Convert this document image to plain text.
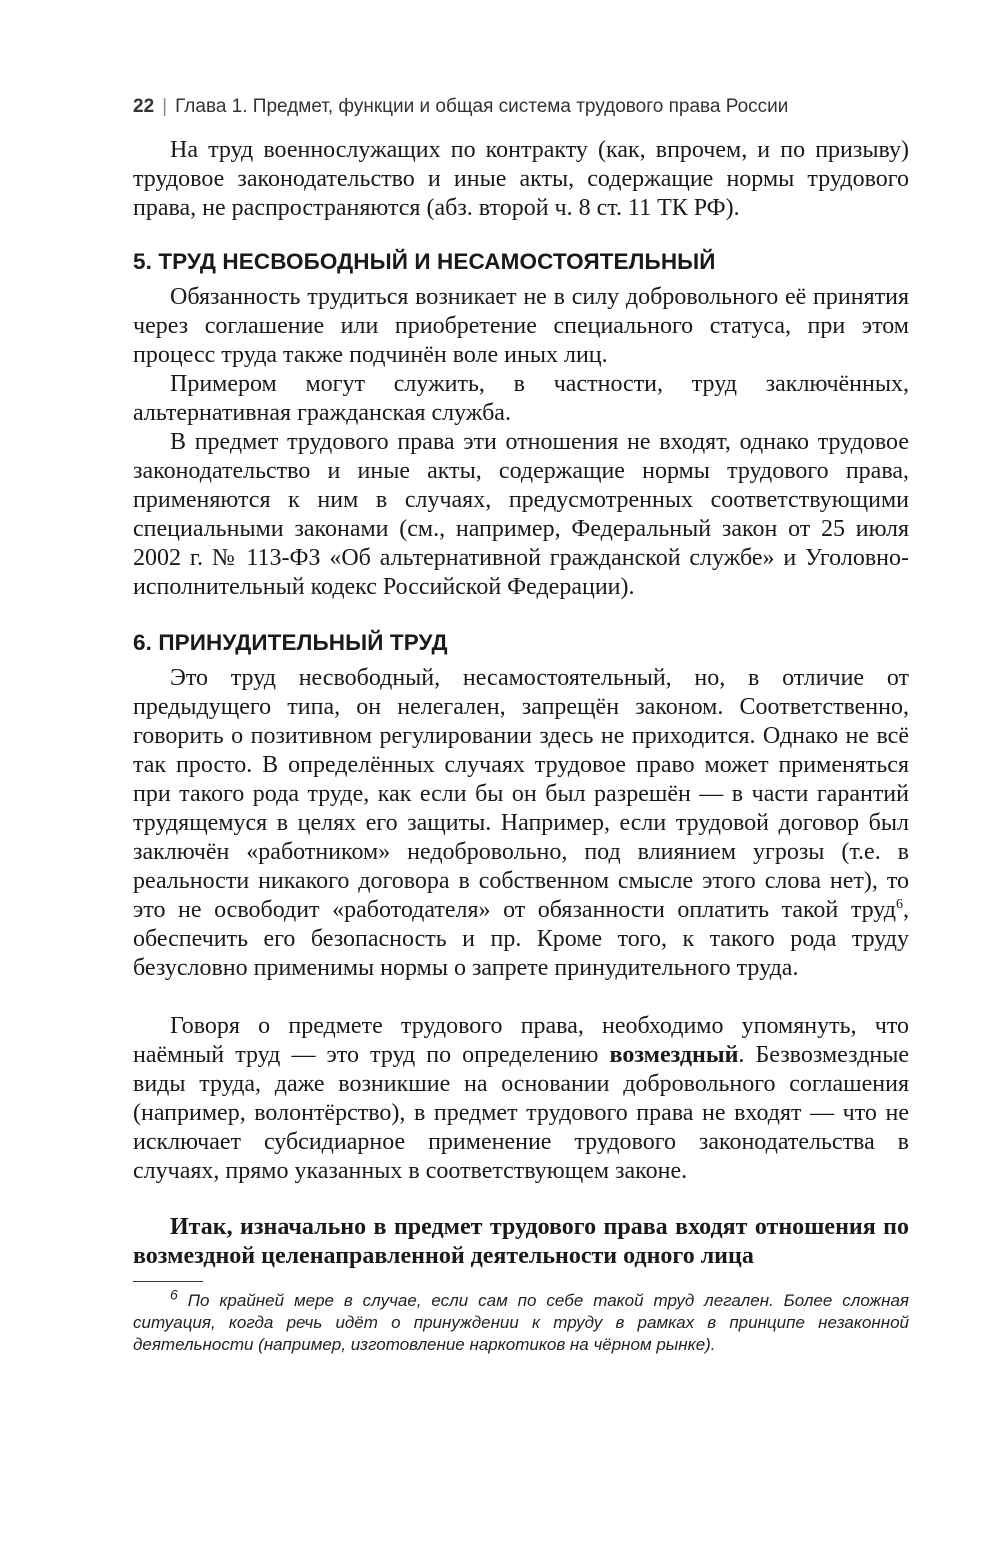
22 | Глава 1. Предмет, функции и общая система трудового права России

На труд военнослужащих по контракту (как, впрочем, и по призыву) трудовое законодательство и иные акты, содержащие нормы трудового права, не распространяются (абз. второй ч. 8 ст. 11 ТК РФ).

5. ТРУД НЕСВОБОДНЫЙ И НЕСАМОСТОЯТЕЛЬНЫЙ

Обязанность трудиться возникает не в силу добровольного её принятия через соглашение или приобретение специального статуса, при этом процесс труда также подчинён воле иных лиц.

Примером могут служить, в частности, труд заключённых, альтернативная гражданская служба.

В предмет трудового права эти отношения не входят, однако трудовое законодательство и иные акты, содержащие нормы трудового права, применяются к ним в случаях, предусмотренных соответствующими специальными законами (см., например, Федеральный закон от 25 июля 2002 г. № 113-ФЗ «Об альтернативной гражданской службе» и Уголовно-исполнительный кодекс Российской Федерации).

6. ПРИНУДИТЕЛЬНЫЙ ТРУД

Это труд несвободный, несамостоятельный, но, в отличие от предыдущего типа, он нелегален, запрещён законом. Соответственно, говорить о позитивном регулировании здесь не приходится. Однако не всё так просто. В определённых случаях трудовое право может применяться при такого рода труде, как если бы он был разрешён — в части гарантий трудящемуся в целях его защиты. Например, если трудовой договор был заключён «работником» недобровольно, под влиянием угрозы (т.е. в реальности никакого договора в собственном смысле этого слова нет), то это не освободит «работодателя» от обязанности оплатить такой труд$^6$, обеспечить его безопасность и пр. Кроме того, к такого рода труду безусловно применимы нормы о запрете принудительного труда.

Говоря о предмете трудового права, необходимо упомянуть, что наёмный труд — это труд по определению возмездный. Безвозмездные виды труда, даже возникшие на основании добровольного соглашения (например, волонтёрство), в предмет трудового права не входят — что не исключает субсидиарное применение трудового законодательства в случаях, прямо указанных в соответствующем законе.

Итак, изначально в предмет трудового права входят отношения по возмездной целенаправленной деятельности одного лица

$^6$ По крайней мере в случае, если сам по себе такой труд легален. Более сложная ситуация, когда речь идёт о принуждении к труду в рамках в принципе незаконной деятельности (например, изготовление наркотиков на чёрном рынке).
